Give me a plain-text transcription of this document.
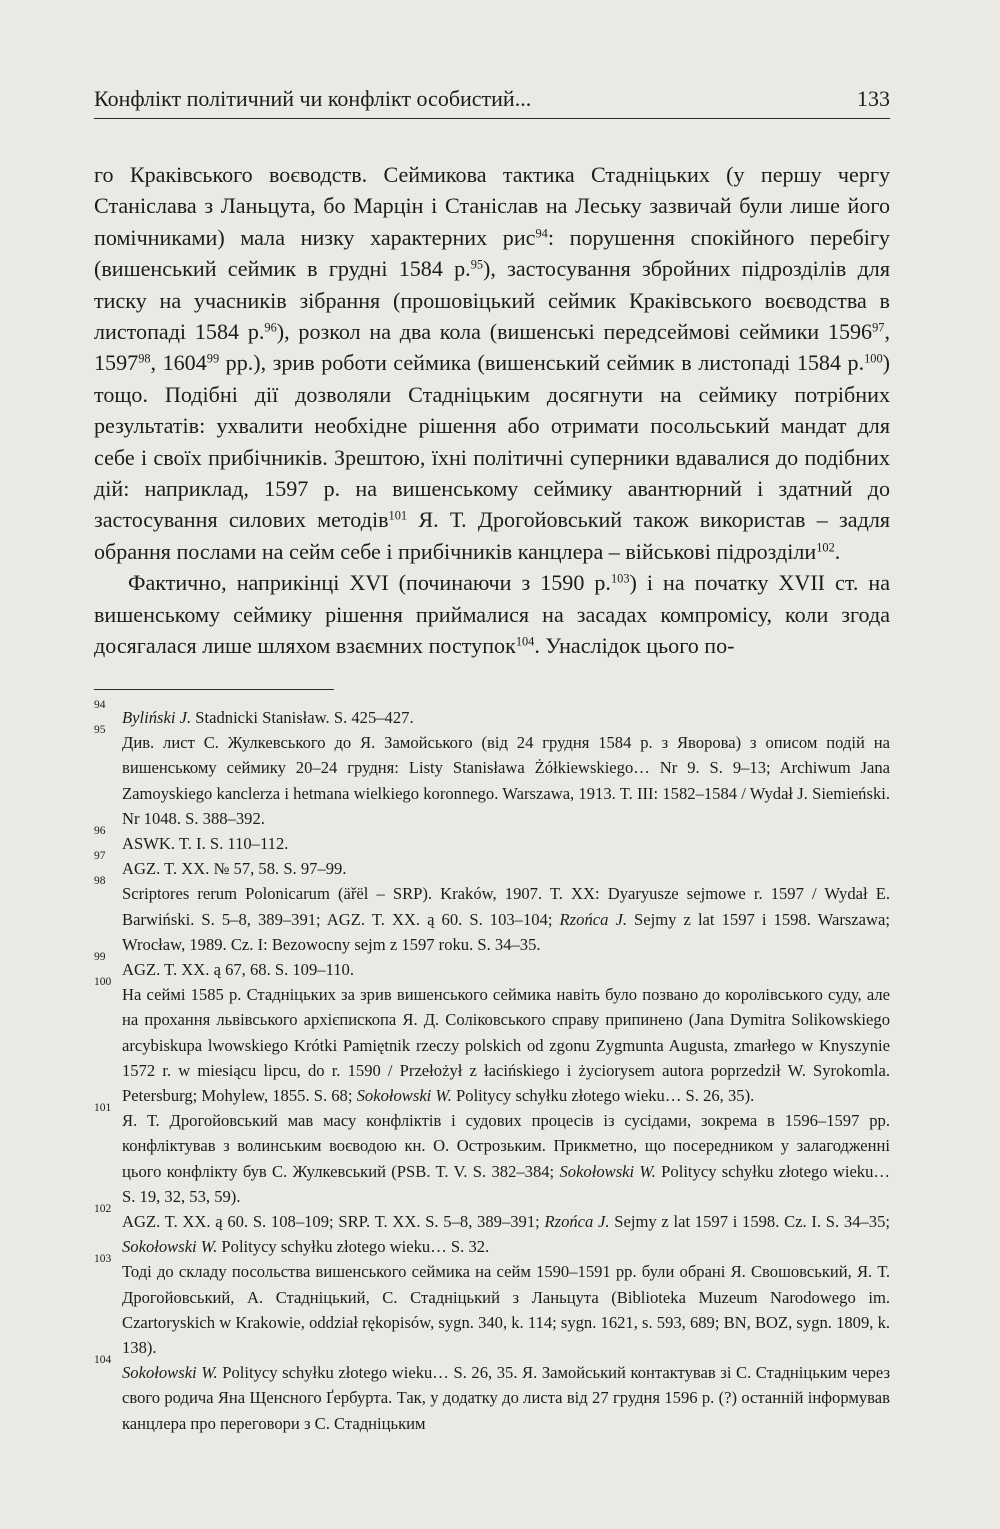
Конфлікт політичний чи конфлікт особистий...	133

го Краківського воєводств. Сеймикова тактика Стадніцьких (у першу чергу Станіслава з Ланьцута, бо Марцін і Станіслав на Леську зазвичай були лише його помічниками) мала низку характерних рис$^{94}$: порушення спокійного перебігу (вишенський сеймик в грудні 1584 р.$^{95}$), застосування збройних підрозділів для тиску на учасників зібрання (прошовіцький сеймик Краківського воєводства в листопаді 1584 р.$^{96}$), розкол на два кола (вишенські передсеймові сеймики 1596$^{97}$, 1597$^{98}$, 1604$^{99}$ рр.), зрив роботи сеймика (вишенський сеймик в листопаді 1584 р.$^{100}$) тощо. Подібні дії дозволяли Стадніцьким досягнути на сеймику потрібних результатів: ухвалити необхідне рішення або отримати посольський мандат для себе і своїх прибічників. Зрештою, їхні політичні суперники вдавалися до подібних дій: наприклад, 1597 р. на вишенському сеймику авантюрний і здатний до застосування силових методів$^{101}$ Я. Т. Дрогойовський також використав – задля обрання послами на сейм себе і прибічників канцлера – військові підрозділи$^{102}$.

Фактично, наприкінці XVI (починаючи з 1590 р.$^{103}$) і на початку XVII ст. на вишенському сеймику рішення приймалися на засадах компромісу, коли згода досягалася лише шляхом взаємних поступок$^{104}$. Унаслідок цього по-

94
Byliński J. Stadnicki Stanisław. S. 425–427.
95
Див. лист С. Жулкевського до Я. Замойського (від 24 грудня 1584 р. з Яворова) з описом подій на вишенському сеймику 20–24 грудня: Listy Stanisława Żółkiewskiego… Nr 9. S. 9–13; Archiwum Jana Zamoyskiego kanclerza i hetmana wielkiego koronnego. Warszawa, 1913. T. III: 1582–1584 / Wydał J. Siemieński. Nr 1048. S. 388–392.
96
ASWK. T. I. S. 110–112.
97
AGZ. T. XX. № 57, 58. S. 97–99.
98
Scriptores rerum Polonicarum (äřël – SRP). Kraków, 1907. T. XX: Dyaryusze sejmowe r. 1597 / Wydał E. Barwiński. S. 5–8, 389–391; AGZ. T. XX. ą 60. S. 103–104; Rzońca J. Sejmy z lat 1597 i 1598. Warszawa; Wrocław, 1989. Cz. I: Bezowocny sejm z 1597 roku. S. 34–35.
99
AGZ. T. XX. ą 67, 68. S. 109–110.
100
На сеймі 1585 р. Стадніцьких за зрив вишенського сеймика навіть було позвано до королівського суду, але на прохання львівського архієпископа Я. Д. Соліковського справу припинено (Jana Dymitra Solikowskiego arcybiskupa lwowskiego Krótki Pamiętnik rzeczy polskich od zgonu Zygmunta Augusta, zmarłego w Knyszynie 1572 r. w miesiącu lipcu, do r. 1590 / Przełożył z łacińskiego i życiorysem autora poprzedził W. Syrokomla. Petersburg; Mohylew, 1855. S. 68; Sokołowski W. Politycy schyłku złotego wieku… S. 26, 35).
101
Я. Т. Дрогойовський мав масу конфліктів і судових процесів із сусідами, зокрема в 1596–1597 рр. конфліктував з волинським воєводою кн. О. Острозьким. Прикметно, що посередником у залагодженні цього конфлікту був С. Жулкевський (PSB. T. V. S. 382–384; Sokołowski W. Politycy schyłku złotego wieku… S. 19, 32, 53, 59).
102
AGZ. T. XX. ą 60. S. 108–109; SRP. T. XX. S. 5–8, 389–391; Rzońca J. Sejmy z lat 1597 i 1598. Cz. I. S. 34–35; Sokołowski W. Politycy schyłku złotego wieku… S. 32.
103
Тоді до складу посольства вишенського сеймика на сейм 1590–1591 рр. були обрані Я. Свошовський, Я. Т. Дрогойовський, А. Стадніцький, С. Стадніцький з Ланьцута (Biblioteka Muzeum Narodowego im. Czartoryskich w Krakowie, oddział rękopisów, sygn. 340, k. 114; sygn. 1621, s. 593, 689; BN, BOZ, sygn. 1809, k. 138).
104
Sokołowski W. Politycy schyłku złotego wieku… S. 26, 35. Я. Замойський контактував зі С. Стадніцьким через свого родича Яна Щенсного Ґербурта. Так, у додатку до листа від 27 грудня 1596 р. (?) останній інформував канцлера про переговори з С. Стадніцьким
